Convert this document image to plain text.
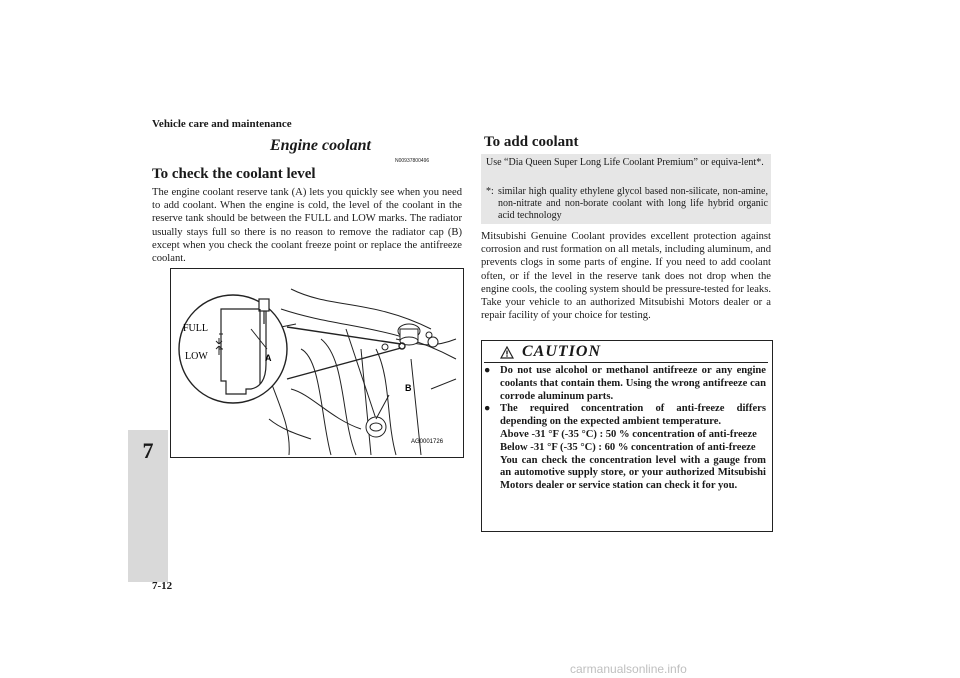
Vehicle care and maintenance
7
7-12
Engine coolant
N00937800496
To check the coolant level
The engine coolant reserve tank (A) lets you quickly see when you need to add coolant. When the engine is cold, the level of the coolant in the reserve tank should be between the FULL and LOW marks. The radiator usually stays full so there is no reason to remove the radiator cap (B) except when you check the coolant freeze point or replace the antifreeze coolant.
FULL
LOW	A
B
AG0001726
To add coolant
Use “Dia Queen Super Long Life Coolant Premium” or equiva-lent*.
*: similar high quality ethylene glycol based non-silicate, non-amine, non-nitrate and non-borate coolant with long life hybrid organic acid technology
Mitsubishi Genuine Coolant provides excellent protection against corrosion and rust formation on all metals, including aluminum, and prevents clogs in some parts of engine. If you need to add coolant often, or if the level in the reserve tank does not drop when the engine cools, the cooling system should be pressure-tested for leaks. Take your vehicle to an authorized Mitsubishi Motors dealer or a repair facility of your choice for testing.
CAUTION
● Do not use alcohol or methanol antifreeze or any engine coolants that contain them. Using the wrong antifreeze can corrode aluminum parts.
● The required concentration of anti-freeze differs depending on the expected ambient temperature.
Above -31 °F (-35 °C) : 50 % concentration of anti-freeze
Below -31 °F (-35 °C) : 60 % concentration of anti-freeze
You can check the concentration level with a gauge from an automotive supply store, or your authorized Mitsubishi Motors dealer or service station can check it for you.
carmanualsonline.info
